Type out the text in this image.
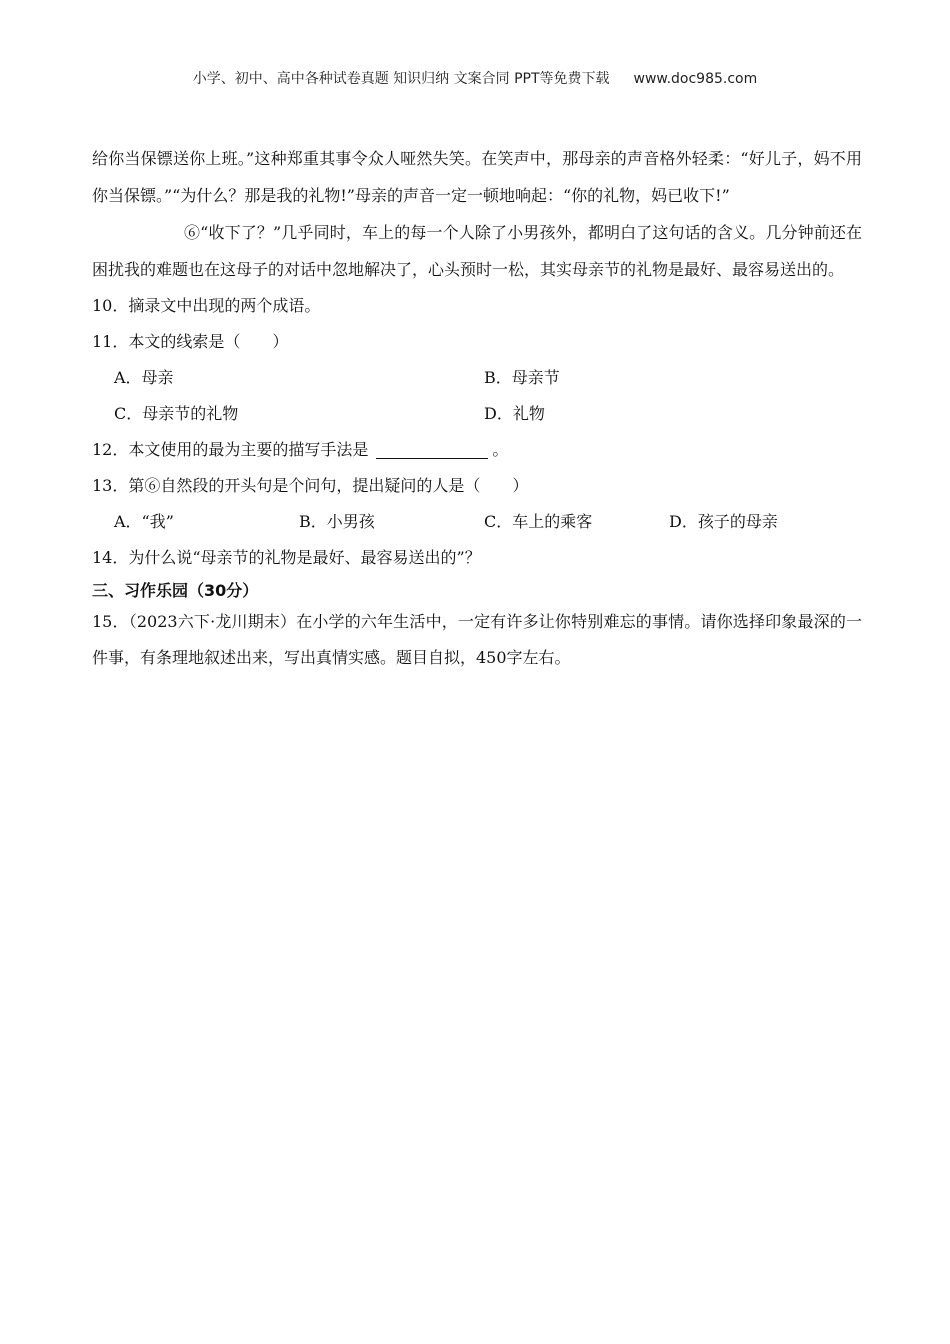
小学、初中、高中各种试卷真题 知识归纳 文案合同 PPT等免费下载 www.doc985.com

给你当保镖送你上班。”这种郑重其事令众人哑然失笑。在笑声中，那母亲的声音格外轻柔：“好儿子，妈不用你当保镖。”“为什么？那是我的礼物!”母亲的声音一定一顿地响起：“你的礼物，妈已收下!”

⑥“收下了？”几乎同时，车上的每一个人除了小男孩外，都明白了这句话的含义。几分钟前还在困扰我的难题也在这母子的对话中忽地解决了，心头预时一松，其实母亲节的礼物是最好、最容易送出的。

10．摘录文中出现的两个成语。
11．本文的线索是（　　）
A．母亲	B．母亲节
C．母亲节的礼物	D．礼物
12．本文使用的最为主要的描写手法是	。
13．第⑥自然段的开头句是个问句，提出疑问的人是（　　）
A．“我”	B．小男孩	C．车上的乘客	D．孩子的母亲
14．为什么说“母亲节的礼物是最好、最容易送出的”？
三、习作乐园（30分）

15．（2023六下·龙川期末）在小学的六年生活中，一定有许多让你特别难忘的事情。请你选择印象最深的一件事，有条理地叙述出来，写出真情实感。题目自拟，450字左右。
